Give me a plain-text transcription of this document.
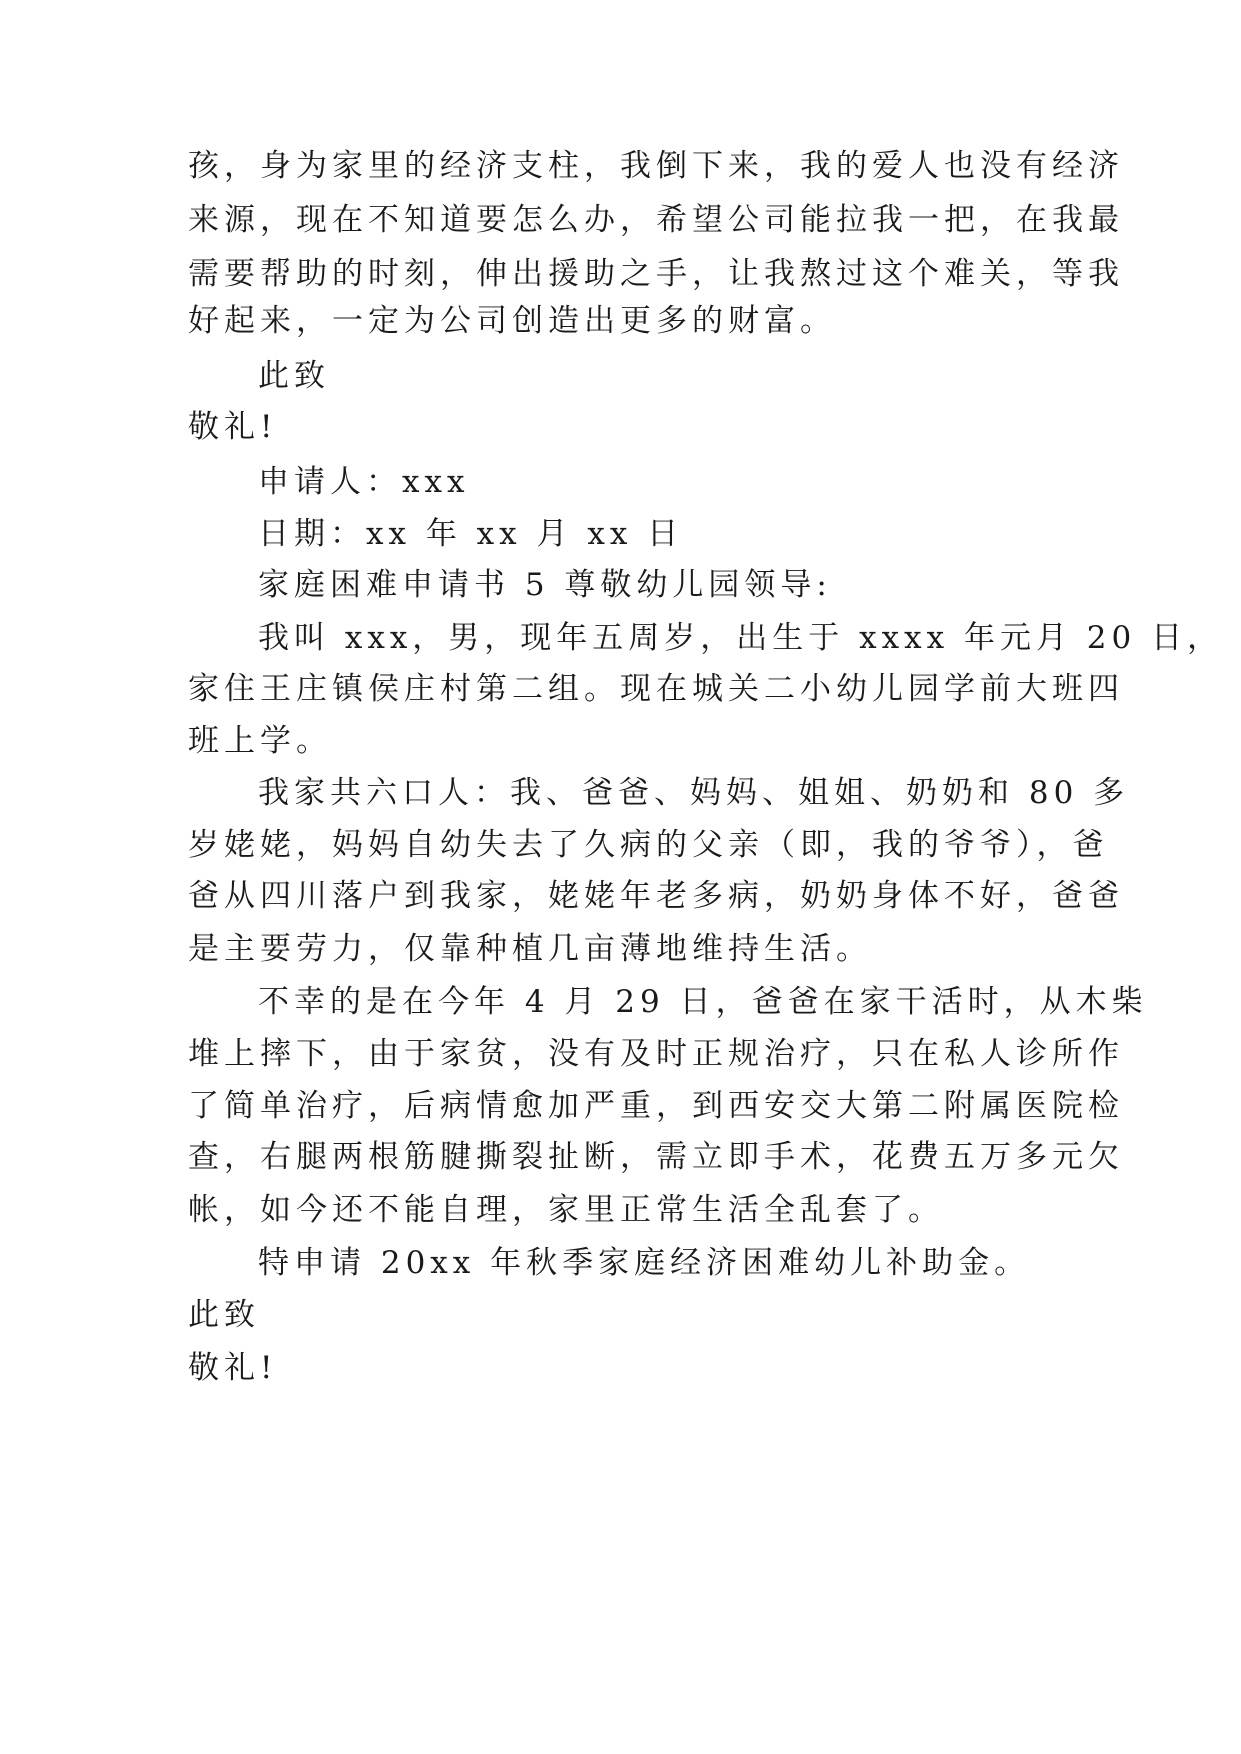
孩，身为家里的经济支柱，我倒下来，我的爱人也没有经济
来源，现在不知道要怎么办，希望公司能拉我一把，在我最
需要帮助的时刻，伸出援助之手，让我熬过这个难关，等我
好起来，一定为公司创造出更多的财富。
此致
敬礼!
申请人：xxx
日期：xx 年 xx 月 xx 日
家庭困难申请书 5 尊敬幼儿园领导:
我叫 xxx，男，现年五周岁，出生于 xxxx 年元月 20 日，
家住王庄镇侯庄村第二组。现在城关二小幼儿园学前大班四
班上学。
我家共六口人：我、爸爸、妈妈、姐姐、奶奶和 80 多
岁姥姥，妈妈自幼失去了久病的父亲（即，我的爷爷），爸
爸从四川落户到我家，姥姥年老多病，奶奶身体不好，爸爸
是主要劳力，仅靠种植几亩薄地维持生活。
不幸的是在今年 4 月 29 日，爸爸在家干活时，从木柴
堆上摔下，由于家贫，没有及时正规治疗，只在私人诊所作
了简单治疗，后病情愈加严重，到西安交大第二附属医院检
查，右腿两根筋腱撕裂扯断，需立即手术，花费五万多元欠
帐，如今还不能自理，家里正常生活全乱套了。
特申请 20xx 年秋季家庭经济困难幼儿补助金。
此致
敬礼!
